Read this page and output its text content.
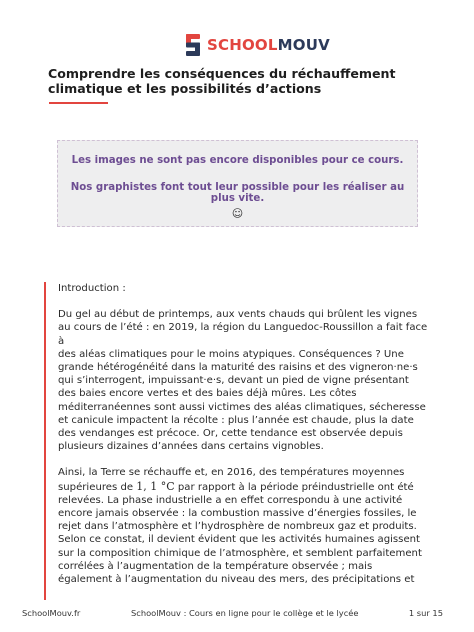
SCHOOLMOUV
Comprendre les conséquences du réchauffement climatique et les possibilités d’actions

Les images ne sont pas encore disponibles pour ce cours.

Nos graphistes font tout leur possible pour les réaliser au plus vite.

☺

Introduction :

Du gel au début de printemps, aux vents chauds qui brûlent les vignes
au cours de l’été : en 2019, la région du Languedoc-Roussillon a fait face à
des aléas climatiques pour le moins atypiques. Conséquences ? Une
grande hétérogénéité dans la maturité des raisins et des vigneron·ne·s
qui s’interrogent, impuissant·e·s, devant un pied de vigne présentant
des baies encore vertes et des baies déjà mûres. Les côtes
méditerranéennes sont aussi victimes des aléas climatiques, sécheresse
et canicule impactent la récolte : plus l’année est chaude, plus la date
des vendanges est précoce. Or, cette tendance est observée depuis
plusieurs dizaines d’années dans certains vignobles.

Ainsi, la Terre se réchauffe et, en 2016, des températures moyennes
supérieures de 1, 1 °C par rapport à la période préindustrielle ont été
relevées. La phase industrielle a en effet correspondu à une activité
encore jamais observée : la combustion massive d’énergies fossiles, le
rejet dans l’atmosphère et l’hydrosphère de nombreux gaz et produits.
Selon ce constat, il devient évident que les activités humaines agissent
sur la composition chimique de l’atmosphère, et semblent parfaitement
corrélées à l’augmentation de la température observée ; mais
également à l’augmentation du niveau des mers, des précipitations et

SchoolMouv.fr	SchoolMouv : Cours en ligne pour le collège et le lycée	1 sur 15
